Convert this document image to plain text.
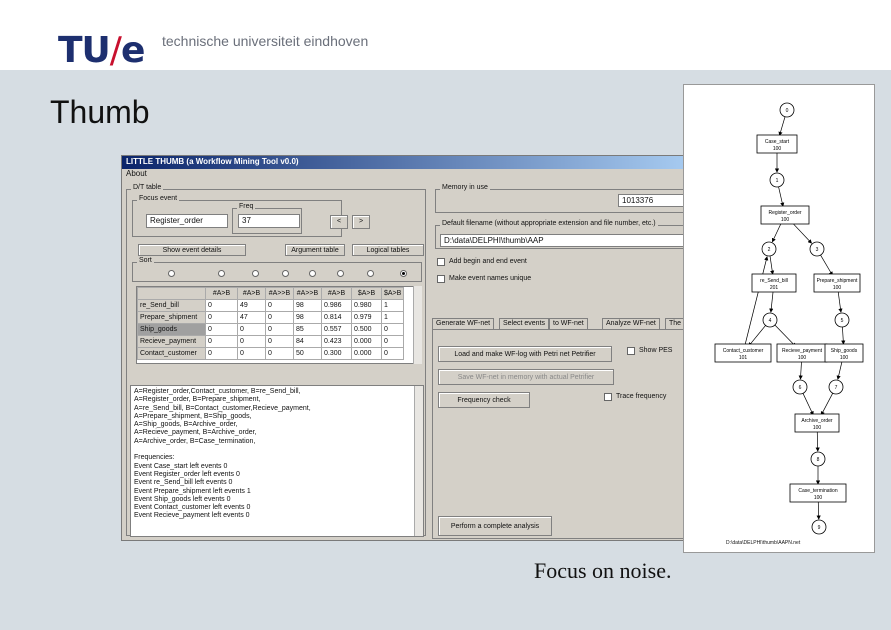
TU/e technische universiteit eindhoven
Thumb
LITTLE THUMB (a Workflow Mining Tool v0.0)
About
D/T table
Focus event
Register_order
Freq
37	<	>
Show event details	Argument table	Logical tables
Sort
	#A>B	#A>B	#A>>B	#A>>B	#A>B	$A>B	$A>B
re_Send_bill	0	49	0	98	0.986	0.980	1
Prepare_shipment	0	47	0	98	0.814	0.979	1
Ship_goods	0	0	0	85	0.557	0.500	0
Recieve_payment	0	0	0	84	0.423	0.000	0
Contact_customer	0	0	0	50	0.300	0.000	0
A=Register_order,Contact_customer, B=re_Send_bill,
A=Register_order, B=Prepare_shipment,
A=re_Send_bill, B=Contact_customer,Recieve_payment,
A=Prepare_shipment, B=Ship_goods,
A=Ship_goods, B=Archive_order,
A=Recieve_payment, B=Archive_order,
A=Archive_order, B=Case_termination,

Frequencies:
Event Case_start left events 0
Event Register_order left events 0
Event re_Send_bill left events 0
Event Prepare_shipment left events 1
Event Ship_goods left events 0
Event Contact_customer left events 0
Event Recieve_payment left events 0
Memory in use
1013376
Default filename (without appropriate extension and file number, etc.)
D:\data\DELPHI\thumb\AAP
Add begin and end event
Make event names unique
Generate WF-net	Select events	to WF-net	Analyze WF-net	The
Load and make WF-log with Petri net Petrifier
Show PES
Save WF-net in memory with actual Petrifier
Frequency check
Trace frequency
Perform a complete analysis
0
1
2	3
4	5
6	7
8
9
Case_start
100
Register_order
100
re_Send_bill
201
Prepare_shipment
100
Contact_customer
101
Recieve_payment
100
Ship_goods
100
Archive_order
100
Case_termination
100
D:\data\DELPHI\thumb\AAPN.net
Focus on noise.
